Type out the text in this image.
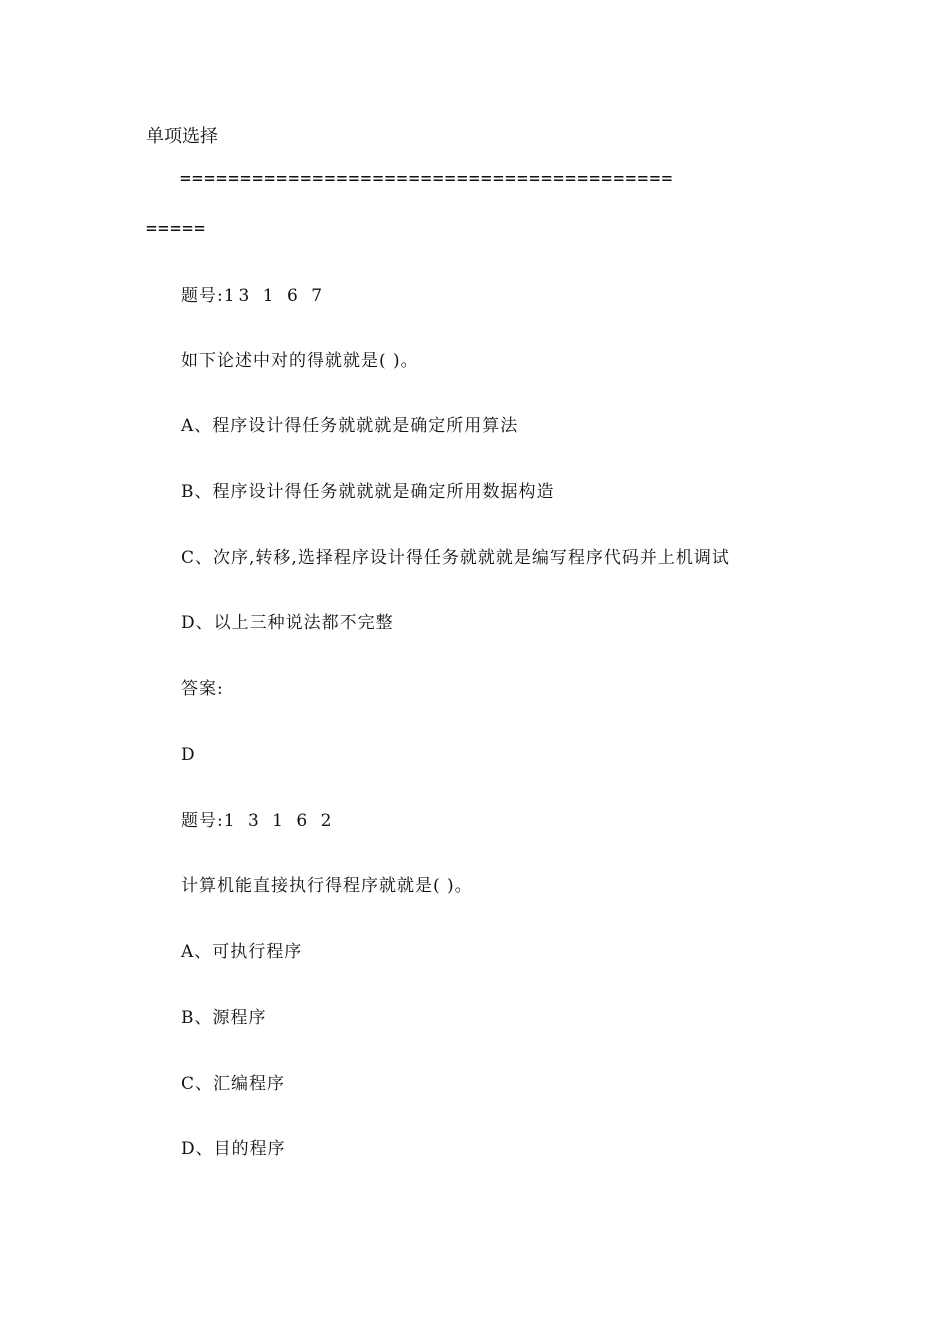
单项选择
=========================================
=====
题号:13 1 6 7
如下论述中对的得就就是( )。
A、程序设计得任务就就就是确定所用算法
B、程序设计得任务就就就是确定所用数据构造
C、次序,转移,选择程序设计得任务就就就是编写程序代码并上机调试
D、以上三种说法都不完整
答案:
D
题号:1 3 1 6 2
计算机能直接执行得程序就就是( )。
A、可执行程序
B、源程序
C、汇编程序
D、目的程序
